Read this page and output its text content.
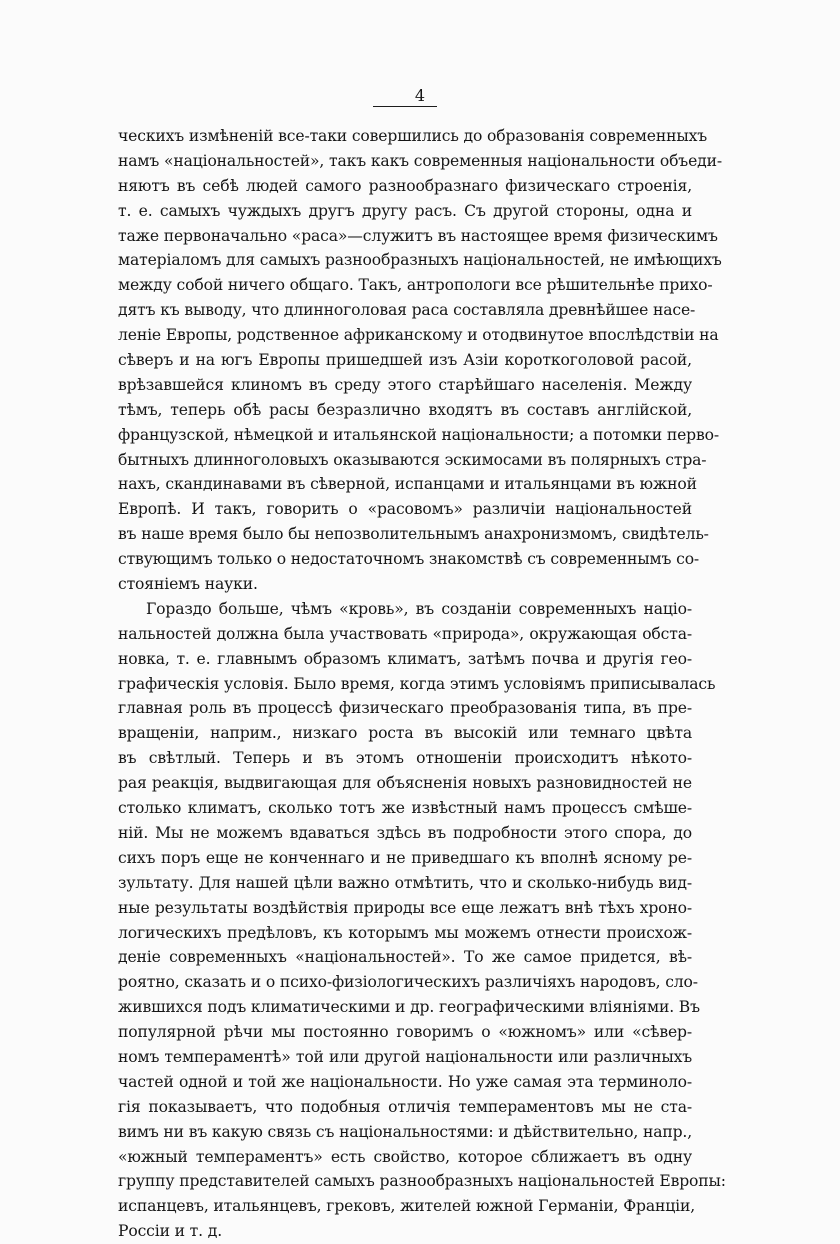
4
ческихъ измѣненій все-таки совершились до образованія современныхъ
намъ «національностей», такъ какъ современныя національности объеди-
няютъ въ себѣ людей самого разнообразнаго физическаго строенія,
т. е. самыхъ чуждыхъ другъ другу расъ. Съ другой стороны, одна и
таже первоначально «раса»—служитъ въ настоящее время физическимъ
матеріаломъ для самыхъ разнообразныхъ національностей, не имѣющихъ
между собой ничего общаго. Такъ, антропологи все рѣшительнѣе прихо-
дятъ къ выводу, что длинноголовая раса составляла древнѣйшее насе-
леніе Европы, родственное африканскому и отодвинутое впослѣдствіи на
сѣверъ и на югъ Европы пришедшей изъ Азіи короткоголовой расой,
врѣзавшейся клиномъ въ среду этого старѣйшаго населенія. Между
тѣмъ, теперь обѣ расы безразлично входятъ въ составъ англійской,
французской, нѣмецкой и итальянской національности; а потомки перво-
бытныхъ длинноголовыхъ оказываются эскимосами въ полярныхъ стра-
нахъ, скандинавами въ сѣверной, испанцами и итальянцами въ южной
Европѣ. И такъ, говорить о «расовомъ» различіи національностей
въ наше время было бы непозволительнымъ анахронизмомъ, свидѣтель-
ствующимъ только о недостаточномъ знакомствѣ съ современнымъ со-
стояніемъ науки.
Гораздо больше, чѣмъ «кровь», въ созданіи современныхъ націо-
нальностей должна была участвовать «природа», окружающая обста-
новка, т. е. главнымъ образомъ климатъ, затѣмъ почва и другія гео-
графическія условія. Было время, когда этимъ условіямъ приписывалась
главная роль въ процессѣ физическаго преобразованія типа, въ пре-
вращеніи, наприм., низкаго роста въ высокій или темнаго цвѣта
въ свѣтлый. Теперь и въ этомъ отношеніи происходитъ нѣкото-
рая реакція, выдвигающая для объясненія новыхъ разновидностей не
столько климатъ, сколько тотъ же извѣстный намъ процессъ смѣше-
ній. Мы не можемъ вдаваться здѣсь въ подробности этого спора, до
сихъ поръ еще не конченнаго и не приведшаго къ вполнѣ ясному ре-
зультату. Для нашей цѣли важно отмѣтить, что и сколько-нибудь вид-
ные результаты воздѣйствія природы все еще лежатъ внѣ тѣхъ хроно-
логическихъ предѣловъ, къ которымъ мы можемъ отнести происхож-
деніе современныхъ «національностей». То же самое придется, вѣ-
роятно, сказать и о психо-физіологическихъ различіяхъ народовъ, сло-
жившихся подъ климатическими и др. географическими вліяніями. Въ
популярной рѣчи мы постоянно говоримъ о «южномъ» или «сѣвер-
номъ темпераментѣ» той или другой національности или различныхъ
частей одной и той же національности. Но уже самая эта терминоло-
гія показываетъ, что подобныя отличія темпераментовъ мы не ста-
вимъ ни въ какую связь съ національностями: и дѣйствительно, напр.,
«южный темпераментъ» есть свойство, которое сближаетъ въ одну
группу представителей самыхъ разнообразныхъ національностей Европы:
испанцевъ, итальянцевъ, грековъ, жителей южной Германіи, Франціи,
Россіи и т. д.
